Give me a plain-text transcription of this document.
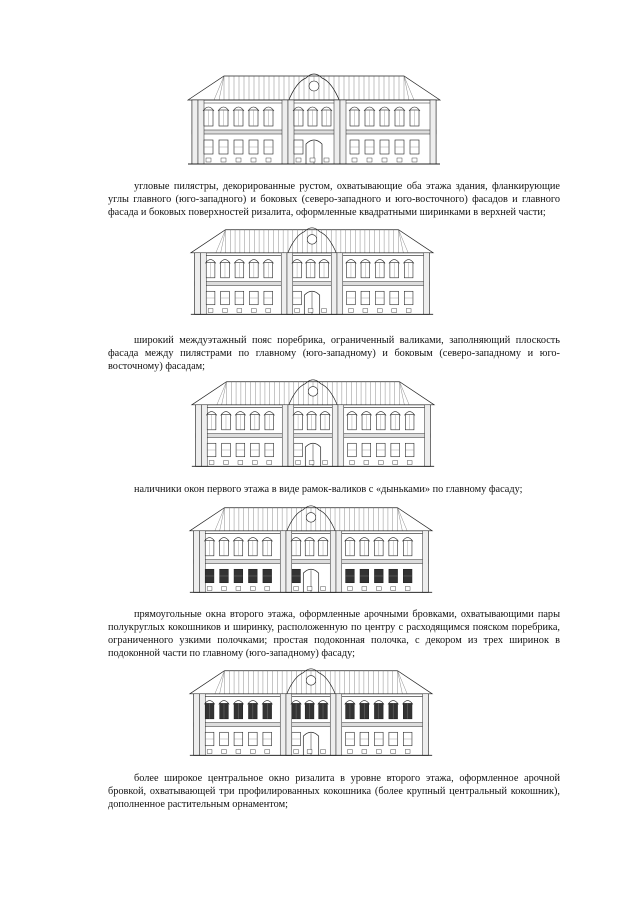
угловые пилястры, декорированные рустом, охватывающие оба этажа здания, фланкирующие углы главного (юго-западного) и боковых (северо-западного и юго-восточного) фасадов и главного фасада и боковых поверхностей ризалита, оформленные квадратными ширинками в верхней части;

широкий междуэтажный пояс поребрика, ограниченный валиками, заполняющий плоскость фасада между пилястрами по главному (юго-западному) и боковым (северо-западному и юго-восточному) фасадам;

наличники окон первого этажа в виде рамок-валиков с «дыньками» по главному фасаду;

прямоугольные окна второго этажа, оформленные арочными бровками, охватывающими пары полукруглых кокошников и ширинку, расположенную по центру с расходящимся пояском поребрика, ограниченного узкими полочками; простая подоконная полочка, с декором из трех ширинок в подоконной части по главному (юго-западному) фасаду;

более широкое центральное окно ризалита в уровне второго этажа, оформленное арочной бровкой, охватывающей три профилированных кокошника (более крупный центральный кокошник), дополненное растительным орнаментом;
